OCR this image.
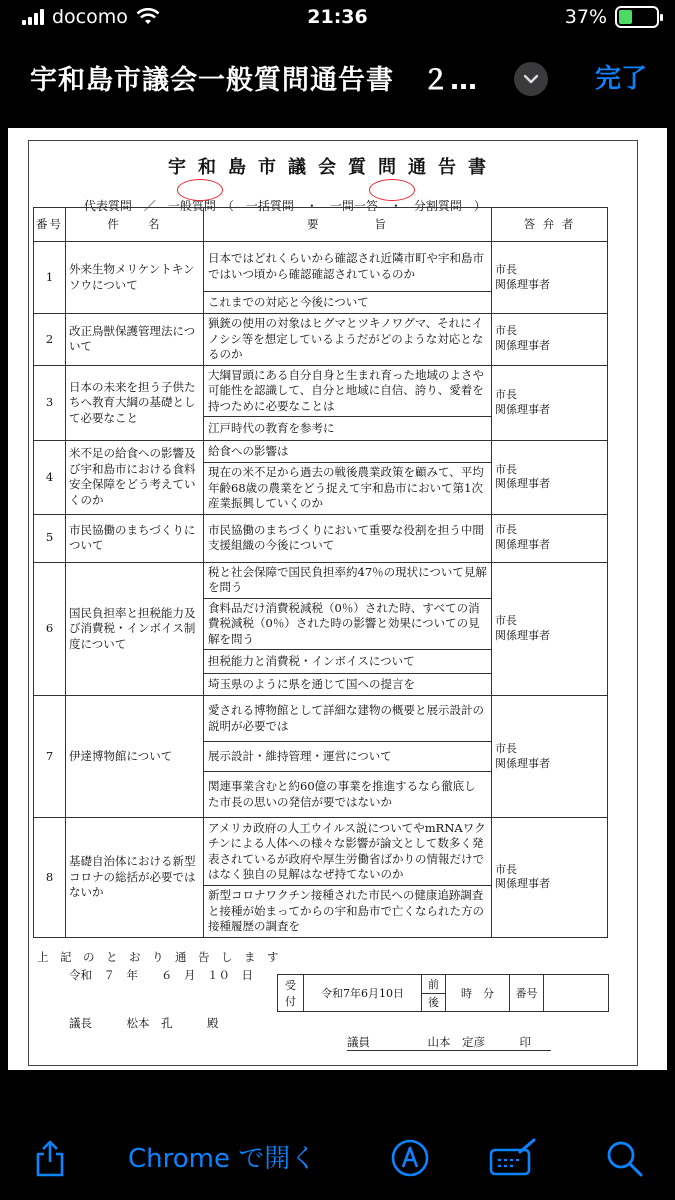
docomo	21:36	37%	⚡
宇和島市議会一般質問通告書　２…	完了
宇和島市議会質問通告書

代表質問　／　一般質問　（　一括質問　・　一問一答　・　分割質問　）

番号	件　　名	要　　　　旨	答 弁 者
1	外来生物メリケントキンソウについて	日本ではどれくらいから確認され近隣市町や宇和島市ではいつ頃から確認確認されているのか	市長
関係理事者
		これまでの対応と今後について	
2	改正鳥獣保護管理法について	猟銃の使用の対象はヒグマとツキノワグマ、それにイノシシ等を想定しているようだがどのような対応となるのか	市長
関係理事者
3	日本の未来を担う子供たちへ教育大綱の基礎として必要なこと	大綱冒頭にある自分自身と生まれ育った地域のよさや可能性を認識して、自分と地域に自信、誇り、愛着を持つために必要なことは	市長
関係理事者
		江戸時代の教育を参考に	
4	米不足の給食への影響及び宇和島市における食料安全保障をどう考えていくのか	給食への影響は	市長
関係理事者
		現在の米不足から過去の戦後農業政策を顧みて、平均年齢68歳の農業をどう捉えて宇和島市において第1次産業振興していくのか	
5	市民協働のまちづくりについて	市民協働のまちづくりにおいて重要な役割を担う中間支援組織の今後について	市長
関係理事者
6	国民負担率と担税能力及び消費税・インボイス制度について	税と社会保障で国民負担率約47％の現状について見解を問う	市長
関係理事者
		食料品だけ消費税減税（0％）された時、すべての消費税減税（0％）された時の影響と効果についての見解を問う	
		担税能力と消費税・インボイスについて	
		埼玉県のように県を通じて国への提言を	
7	伊達博物館について	愛される博物館として詳細な建物の概要と展示設計の説明が必要では	市長
関係理事者
		展示設計・維持管理・運営について	
		関連事業含むと約60億の事業を推進するなら徹底した市長の思いの発信が要ではないか	
8	基礎自治体における新型コロナの総括が必要ではないか	アメリカ政府の人工ウイルス説についてやmRNAワクチンによる人体への様々な影響が論文として数多く発表されているが政府や厚生労働省ばかりの情報だけではなく独自の見解はなぜ持てないのか	市長
関係理事者
		新型コロナワクチン接種された市民への健康追跡調査と接種が始まってからの宇和島市で亡くなられた方の接種履歴の調査を	
上　記　の　と　お　り　通　告　し　ま　す
令和　７　年　　６　月　１０　日
受付	令和7年6月10日	前	時　分	番号	
後
議長　　　松本　孔　　　殿
議員　　　　　山本　定彦　　　印
Chrome で開く
